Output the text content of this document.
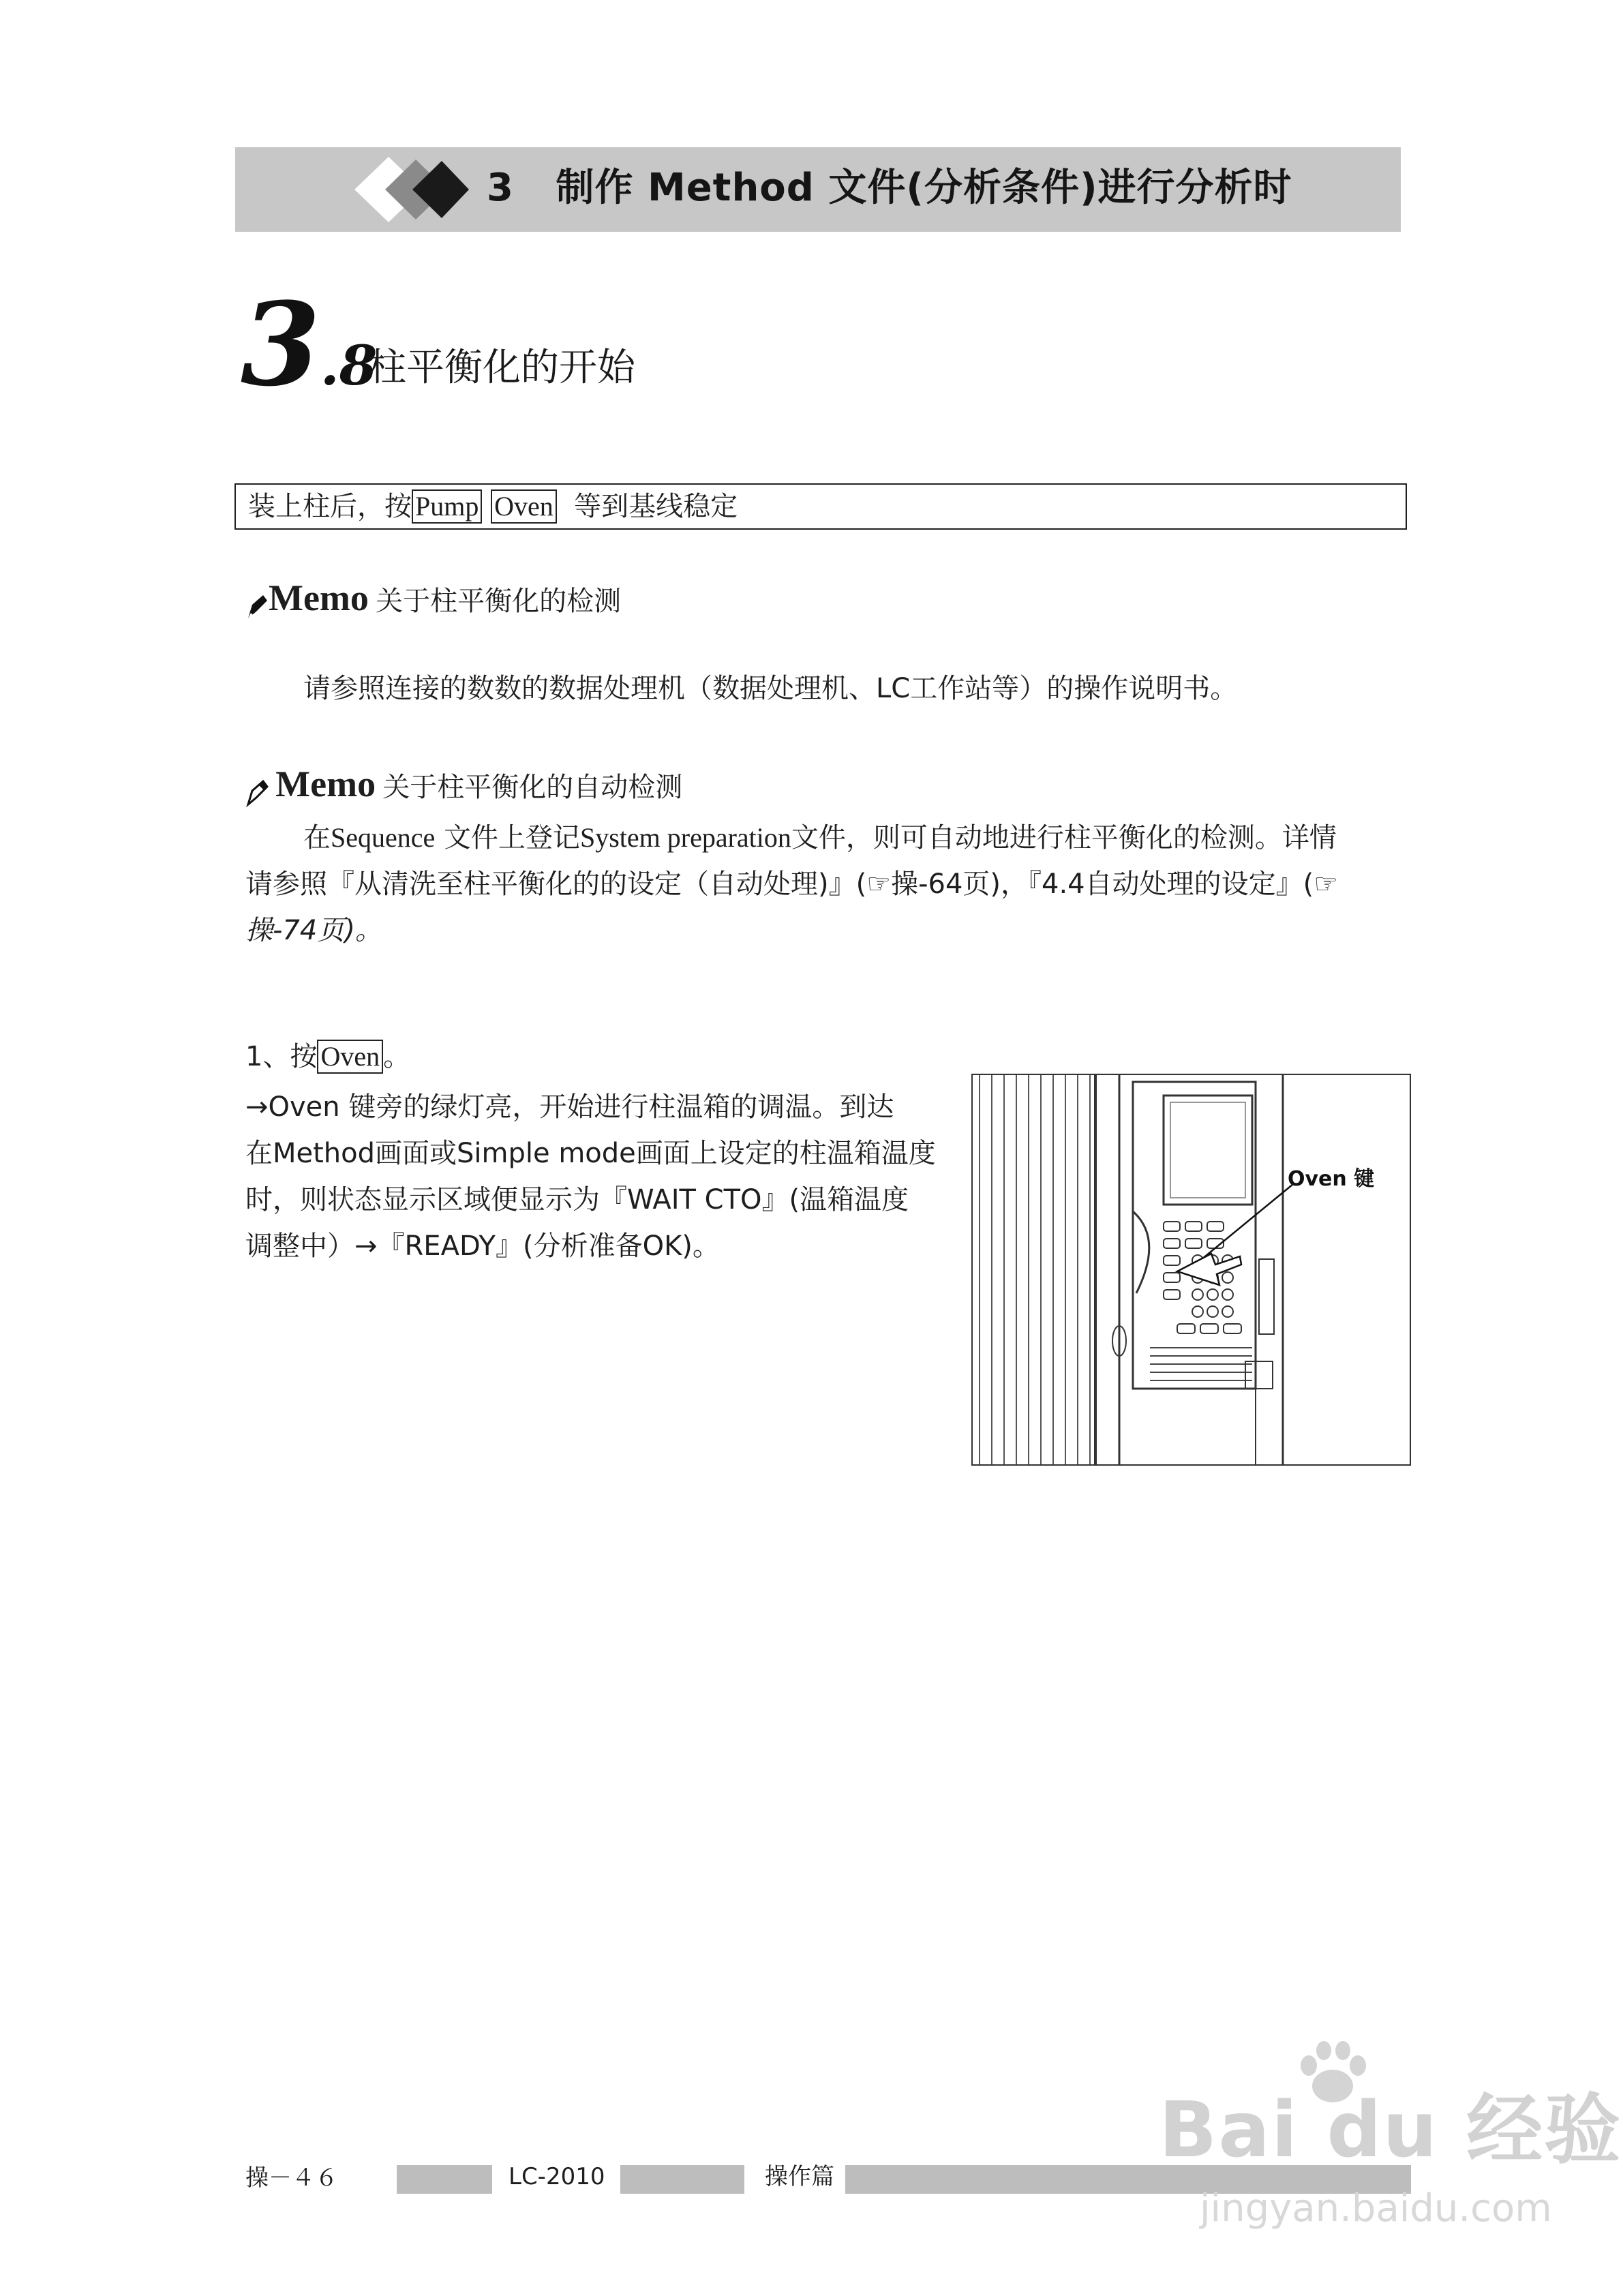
3 制作 Method 文件(分析条件)进行分析时
3.8
柱平衡化的开始
装上柱后，按 Pump Oven 等到基线稳定
Memo 关于柱平衡化的检测
请参照连接的数数的数据处理机（数据处理机、LC工作站等）的操作说明书。
Memo 关于柱平衡化的自动检测

在Sequence 文件上登记System preparation文件，则可自动地进行柱平衡化的检测。详情

请参照『从清洗至柱平衡化的的设定（自动处理)』(☞操-64页)，『4.4自动处理的设定』(☞

操-74页)。

1、按 Oven 。

→Oven 键旁的绿灯亮，开始进行柱温箱的调温。到达

在Method画面或Simple mode画面上设定的柱温箱温度

时，则状态显示区域便显示为『WAIT CTO』(温箱温度

调整中）→『READY』(分析准备OK)。

Oven 键
操－４６	LC-2010	操作篇
Bai du 经验
jingyan.baidu.com
